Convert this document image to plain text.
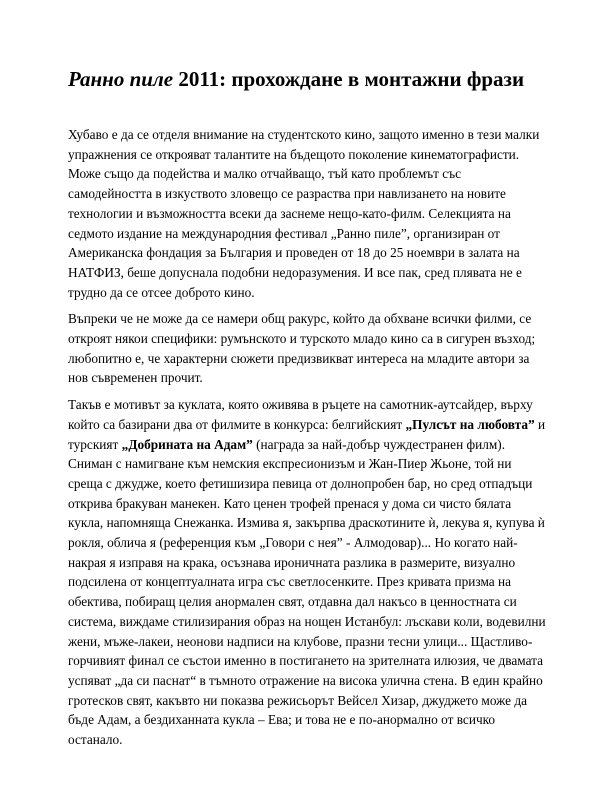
Ранно пиле 2011: прохождане в монтажни фрази

Хубаво е да се отделя внимание на студентското кино, защото именно в тези малки упражнения се открояват талантите на бъдещото поколение кинематографисти. Може също да подейства и малко отчайващо, тъй като проблемът със самодейността в изкуството зловещо се разраства при навлизането на новите технологии и възможността всеки да заснеме нещо-като-филм. Селекцията на седмото издание на международния фестивал „Ранно пиле”, организиран от Американска фондация за България и проведен от 18 до 25 ноември в залата на НАТФИЗ, беше допуснала подобни недоразумения. И все пак, сред плявата не е трудно да се отсее доброто кино.

Въпреки че не може да се намери общ ракурс, който да обхване всички филми, се откроят някои специфики: румънското и турското младо кино са в сигурен възход; любопитно е, че характерни сюжети предизвикват интереса на младите автори за нов съвременен прочит.

Такъв е мотивът за куклата, която оживява в ръцете на самотник-аутсайдер, върху който са базирани два от филмите в конкурса: белгийският „Пулсът на любовта” и турският „Добрината на Адам” (награда за най-добър чуждестранен филм). Сниман с намигване към немския експресионизъм и Жан-Пиер Жьоне, той ни среща с джудже, което фетишизира певица от долнопробен бар, но сред отпадъци открива бракуван манекен. Като ценен трофей пренася у дома си чисто бялата кукла, напомняща Снежанка. Измива я, закърпва драскотините ѝ, лекува я, купува ѝ рокля, облича я (референция към „Говори с нея” - Алмодовар)... Но когато най-накрая я изправя на крака, осъзнава ироничната разлика в размерите, визуално подсилена от концептуалната игра със светлосенките. През кривата призма на обектива, побиращ целия анормален свят, отдавна дал накъсо в ценностната си система, виждаме стилизирания образ на нощен Истанбул: лъскави коли, водевилни жени, мъже-лакеи, неонови надписи на клубове, празни тесни улици... Щастливо-горчивият финал се състои именно в постигането на зрителната илюзия, че двамата успяват „да си паснат“ в тъмното отражение на висока улична стена. В един крайно гротесков свят, какъвто ни показва режисьорът Вейсел Хизар, джуджето може да бъде Адам, а бездиханната кукла – Ева; и това не е по-анормално от всичко останало.
